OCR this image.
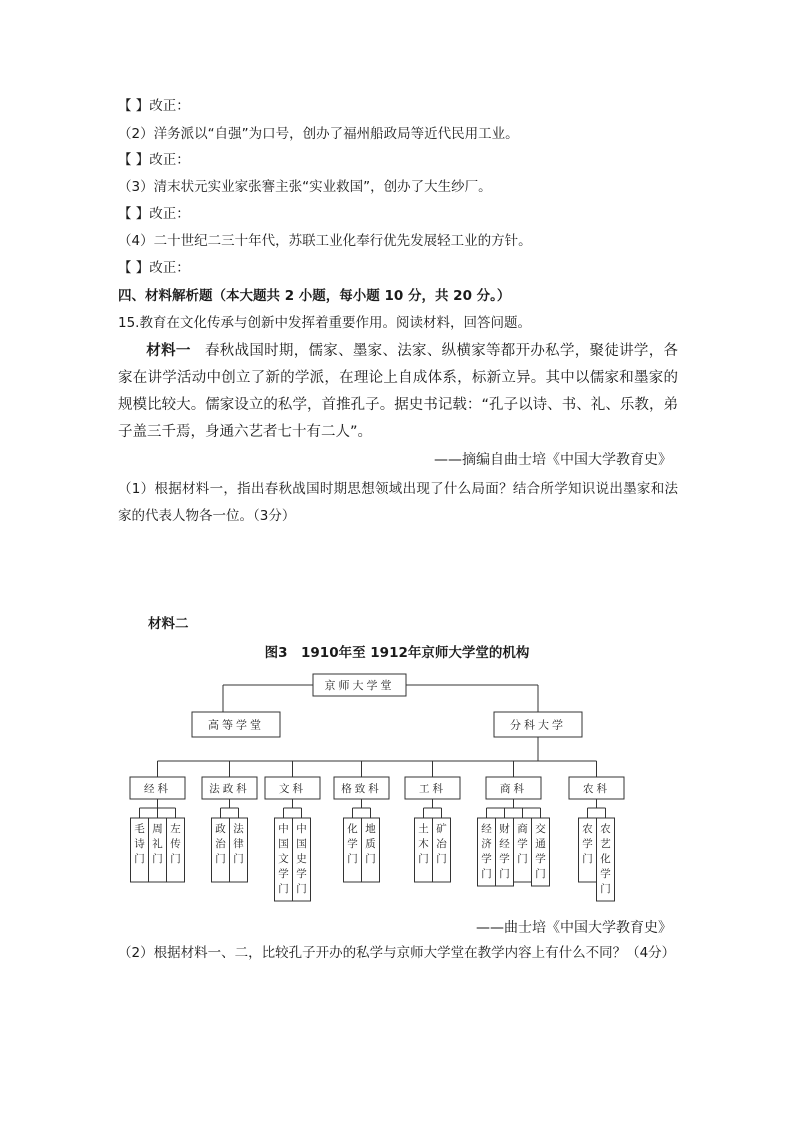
【 】改正：
（2）洋务派以“自强”为口号，创办了福州船政局等近代民用工业。
【 】改正：
（3）清末状元实业家张謇主张“实业救国”，创办了大生纱厂。
【 】改正：
（4）二十世纪二三十年代，苏联工业化奉行优先发展轻工业的方针。
【 】改正：
四、材料解析题（本大题共 2 小题，每小题 10 分，共 20 分。）
15.教育在文化传承与创新中发挥着重要作用。阅读材料，回答问题。
材料一 春秋战国时期，儒家、墨家、法家、纵横家等都开办私学，聚徒讲学，各家在讲学活动中创立了新的学派，在理论上自成体系，标新立异。其中以儒家和墨家的规模比较大。儒家设立的私学，首推孔子。据史书记载：“孔子以诗、书、礼、乐教，弟子盖三千焉，身通六艺者七十有二人”。
——摘编自曲士培《中国大学教育史》
（1）根据材料一，指出春秋战国时期思想领域出现了什么局面？结合所学知识说出墨家和法家的代表人物各一位。（3分）
材料二
图3　1910年至 1912年京师大学堂的机构
京师大学堂
高等学堂	分科大学
经科
毛诗门
周礼门
左传门
法政科
政治门
法律门
文科
中国文学门
中国史学门
格致科
化学门
地质门
工科
土木门
矿冶门
商科
经济学门
财经学门
商学门
交通学门
农科
农学门
农艺化学门
——曲士培《中国大学教育史》
（2）根据材料一、二，比较孔子开办的私学与京师大学堂在教学内容上有什么不同？（4分）
